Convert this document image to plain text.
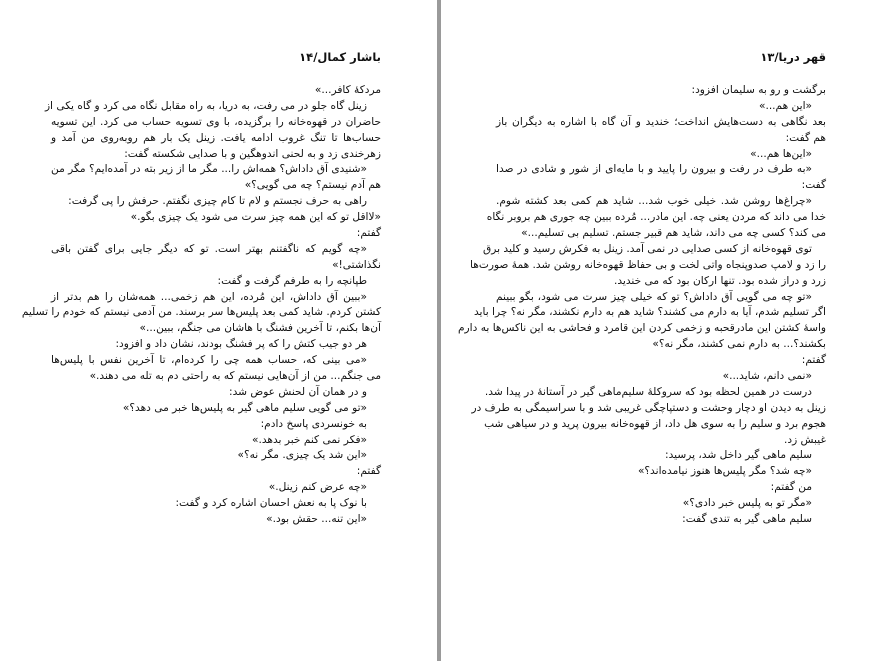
باشار کمال/۱۴
مردکهٔ کافر...»
زینل گاه جلو در می رفت، به دریا، به راه مقابل نگاه می کرد و گاه یکی از
حاضران در قهوه‌خانه را برگزیده، با وی تسویه حساب می کرد. این تسویه
حساب‌ها تا تنگ غروب ادامه یافت. زینل یک بار هم رو‌به‌روی من آمد و
زهرخندی زد و به لحنی اندوهگین و با صدایی شکسته گفت:
«شنیدی آق داداش؟ همه‌اش را... مگر ما از زیر بته در آمده‌ایم؟ مگر من
هم آدم نیستم؟ چه می گویی؟»
راهی به حرف نجستم و لام تا کام چیزی نگفتم. حرفش را پی گرفت:
«لااقل تو که این همه چیز سرت می شود یک چیزی بگو.»
گفتم:
«چه گویم که نا‌گفتنم بهتر است. تو که دیگر جایی برای گفتن باقی
نگذاشتی!»
طپانچه را به طرفم گرفت و گفت:
«ببین آق داداش، این مُرده، این هم زخمی... همه‌شان را هم بدتر از
کشتن کردم. شاید کمی بعد پلیس‌ها سر برسند. من آدمی نیستم که خودم را تسلیم
آن‌ها بکنم، تا آخرین فشنگ با هاشان می جنگم، ببین...»
هر دو جیب کتش را که پر فشنگ بودند، نشان داد و افزود:
«می بینی که، حساب همه چی را کرده‌ام، تا آخرین نفس با پلیس‌ها
می جنگم... من از آن‌هایی نیستم که به راحتی دم به تله می دهند.»
و در همان آن لحنش عوض شد:
«تو می گویی سلیم ماهی گیر به پلیس‌ها خبر می دهد؟»
به خونسردی پاسخ دادم:
«فکر نمی کنم خبر بدهد.»
«این شد یک چیزی. مگر نه؟»
گفتم:
«چه عرض کنم زینل.»
با نوک پا به نعش احسان اشاره کرد و گفت:
«این تنه... حقش بود.»
قهر دریا/۱۳
برگشت و رو به سلیمان افزود:
«این هم...»
بعد نگاهی به دست‌هایش انداخت؛ خندید و آن گاه با اشاره به دیگران باز
هم گفت:
«این‌ها هم...»
«به طرف در رفت و بیرون را پایید و با مایه‌ای از شور و شادی در صدا
گفت:
«چراغ‌ها روشن شد. خیلی خوب شد... شاید هم کمی بعد کشته شوم.
خدا می داند که مردن یعنی چه. این مادر... مُرده ببین چه جوری هم بروبر نگاه
می کند؟ کسی چه می داند، شاید هم قبیر جستم. تسلیم بی تسلیم...»
توی قهوه‌خانه از کسی صدایی در نمی آمد. زینل به فکرش رسید و کلید برق
را زد و لامپ صدوپنجاه واتی لخت و بی حفاظ قهوه‌خانه روشن شد. همهٔ صورت‌ها
زرد و دراز شده بود. تنها ارکان بود که می خندید.
«تو چه می گویی آق داداش؟ تو که خیلی چیز سرت می شود، بگو ببینم
اگر تسلیم شدم، آیا به دارم می کشند؟ شاید هم به دارم نکشند، مگر نه؟ چرا باید
واسهٔ کشتن این مادرقحبه و زخمی کردن این قامرد و فحاشی به این ناکس‌ها به دارم
بکشند؟... به دارم نمی کشند، مگر نه؟»
گفتم:
«نمی دانم، شاید...»
درست در همین لحظه بود که سروکلهٔ سلیم‌ماهی گیر در آستانهٔ در پیدا شد.
زینل به دیدن او دچار وحشت و دستپاچگی غریبی شد و با سراسیمگی به طرف در
هجوم برد و سلیم را به سوی هل داد، از قهوه‌خانه بیرون پرید و در سیاهی شب
غیبش زد.
سلیم ماهی گیر داخل شد، پرسید:
«چه شد؟ مگر پلیس‌ها هنوز نیامده‌اند؟»
من گفتم:
«مگر تو به پلیس خبر دادی؟»
سلیم ماهی گیر به تندی گفت:
